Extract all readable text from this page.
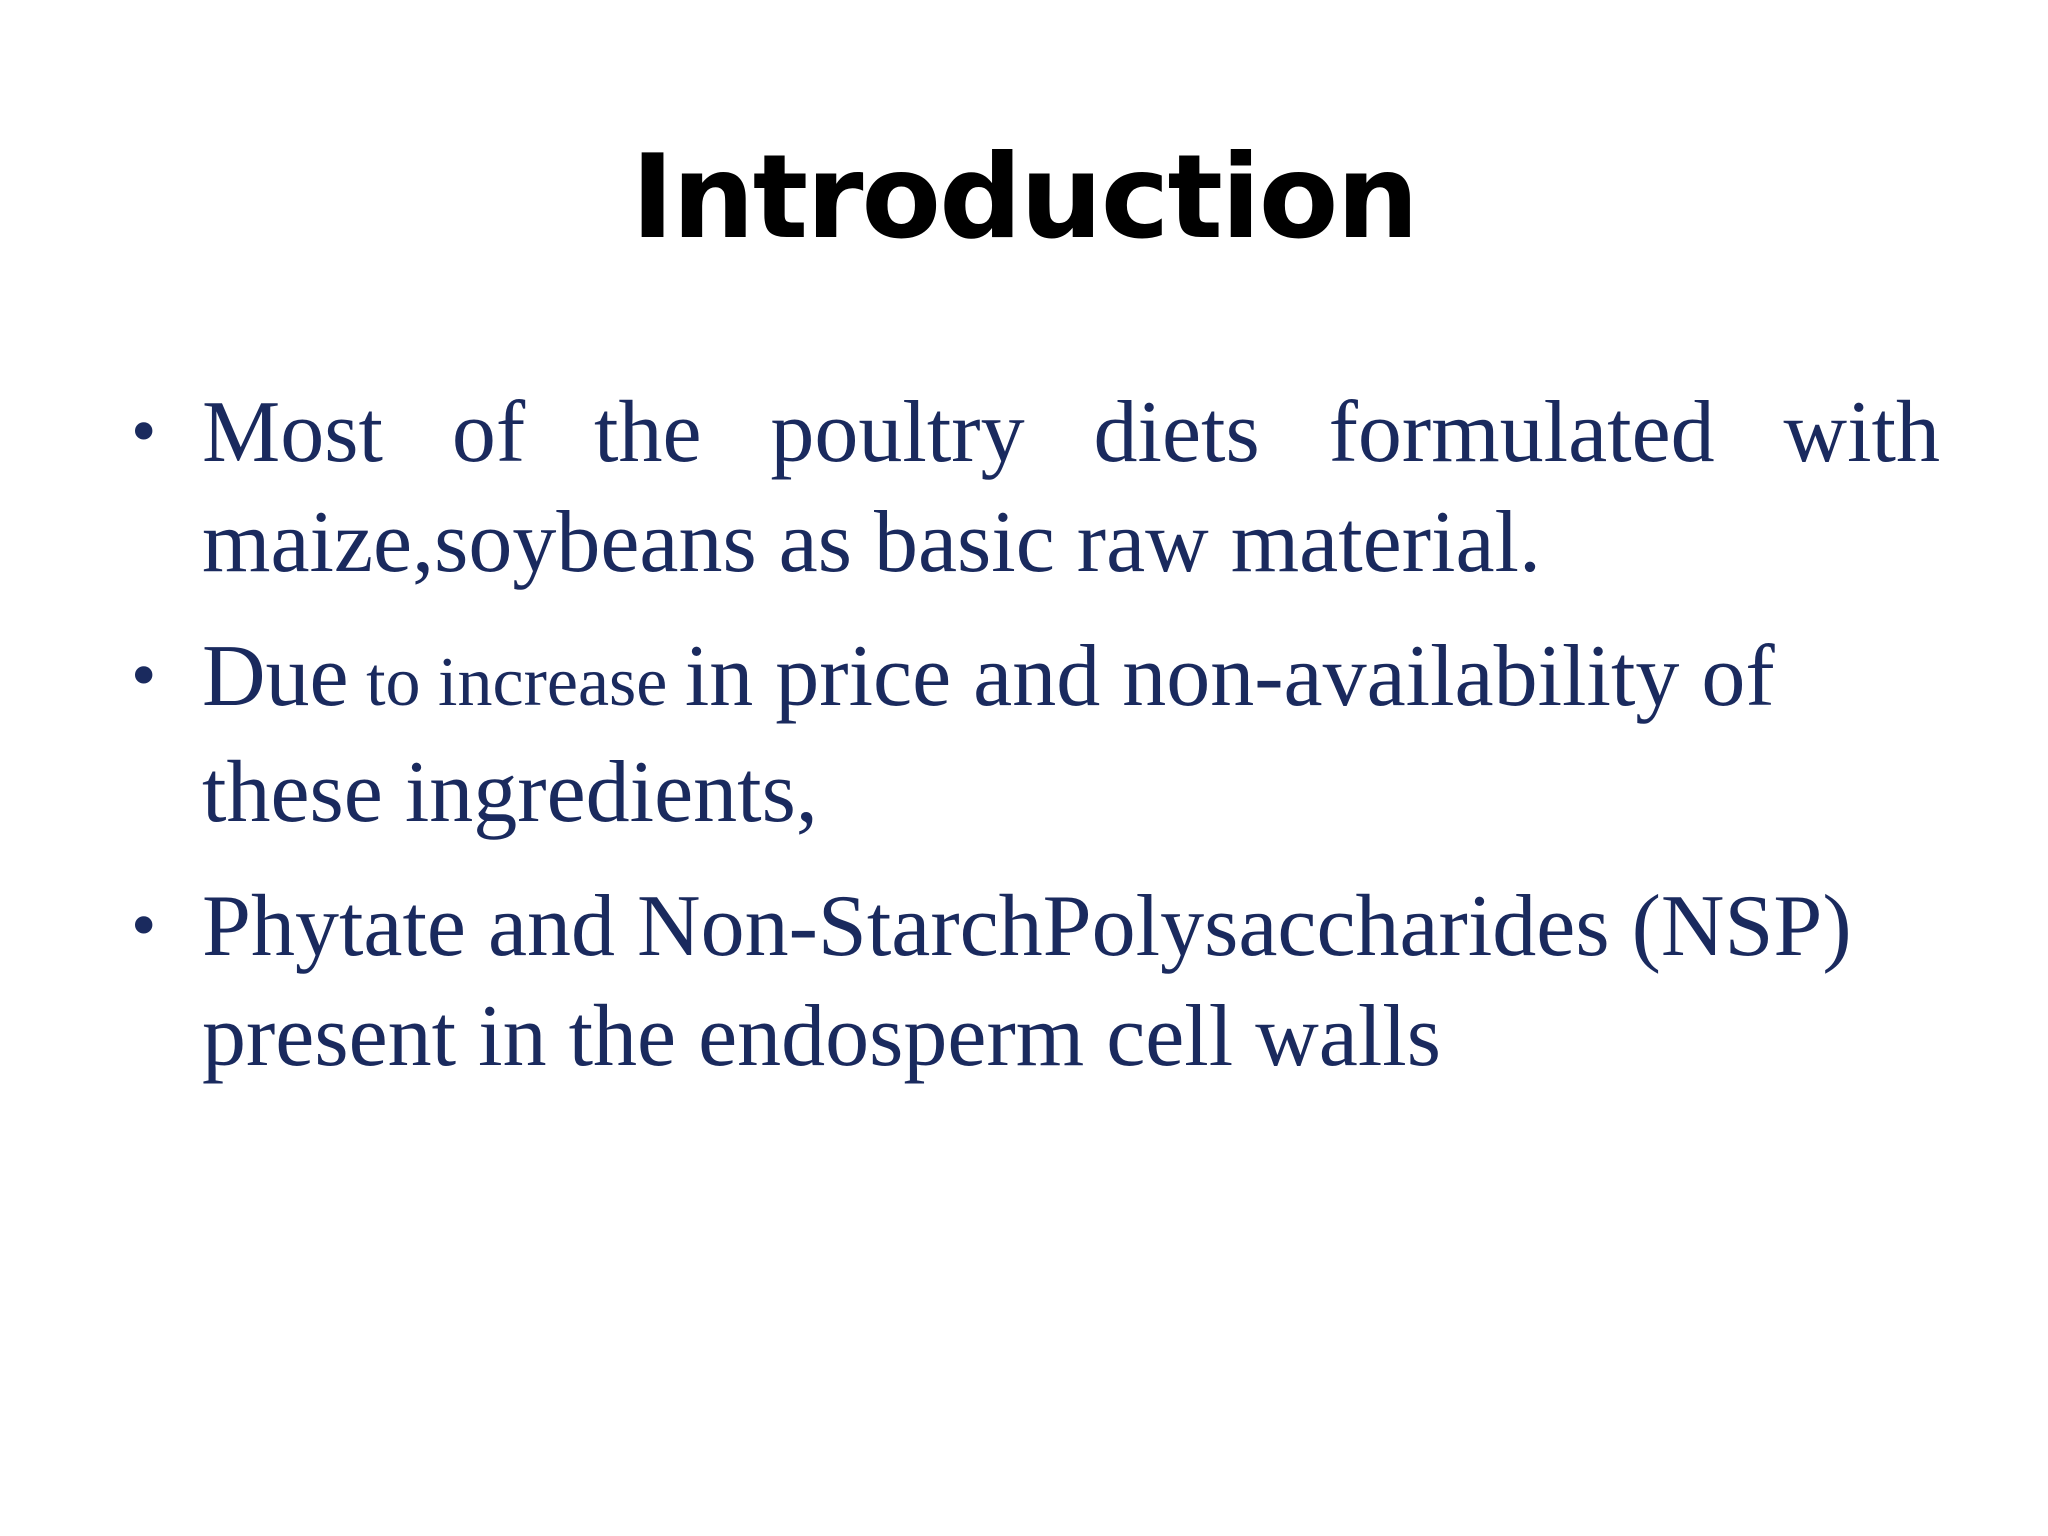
Introduction
• Most of the poultry diets formulated with maize,soybeans as basic raw material.
• Due to increase in price and non-availability of these ingredients,
• Phytate and Non-StarchPolysaccharides (NSP) present in the endosperm cell walls
